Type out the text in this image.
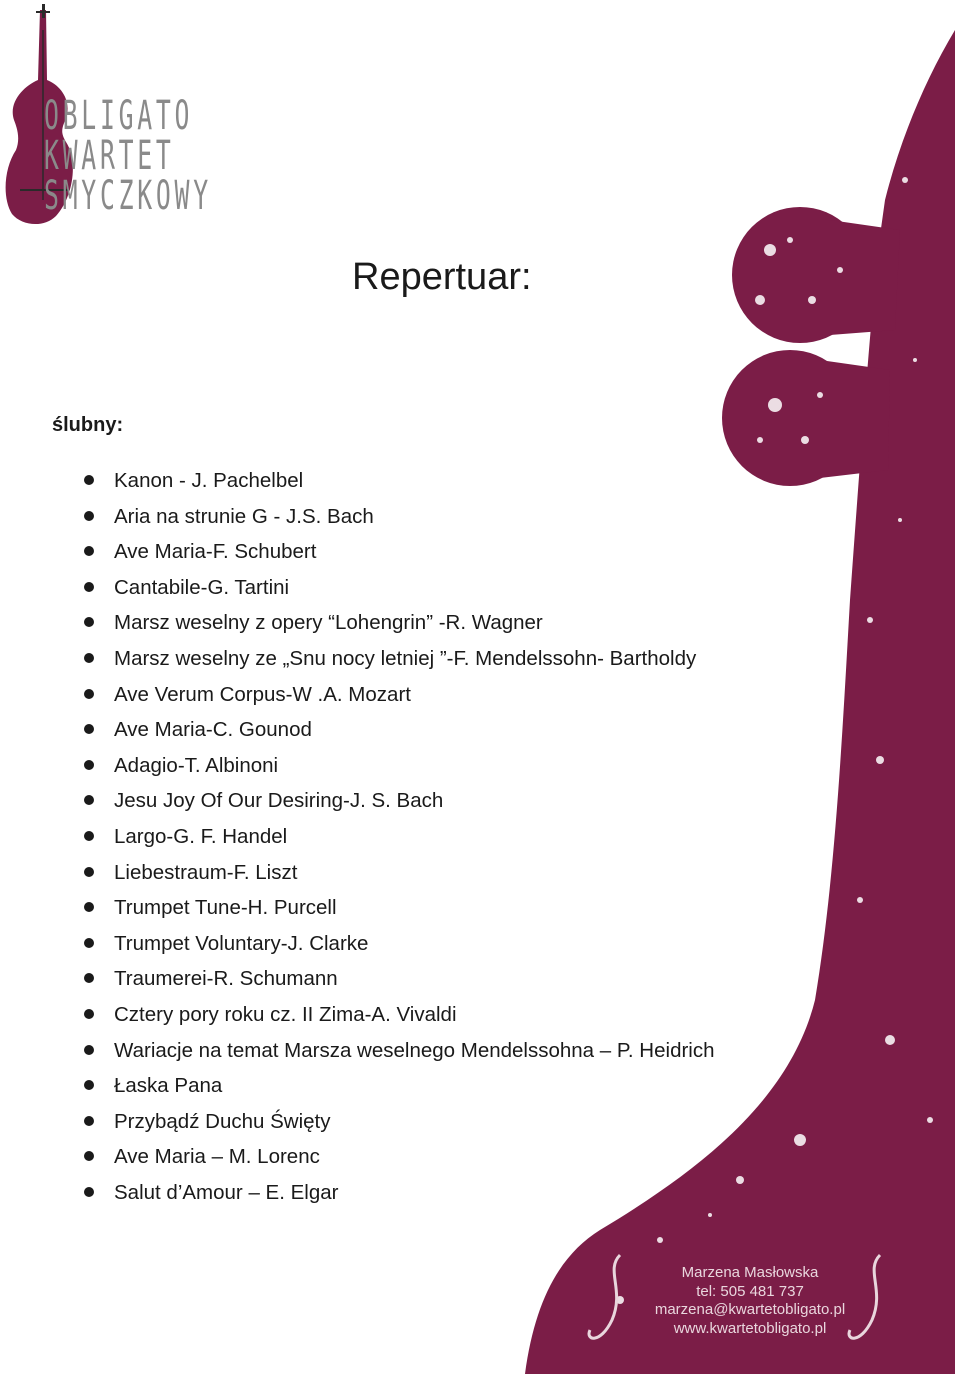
OBLIGATO
KWARTET
SMYCZKOWY
Repertuar:
ślubny:
Kanon - J. Pachelbel
Aria na strunie G - J.S. Bach
Ave Maria-F. Schubert
Cantabile-G. Tartini
Marsz weselny z opery “Lohengrin” -R. Wagner
Marsz weselny ze „Snu nocy letniej ”-F. Mendelssohn- Bartholdy
Ave Verum Corpus-W .A. Mozart
Ave Maria-C. Gounod
Adagio-T. Albinoni
Jesu Joy Of Our Desiring-J. S. Bach
Largo-G. F. Handel
Liebestraum-F. Liszt
Trumpet Tune-H. Purcell
Trumpet Voluntary-J. Clarke
Traumerei-R. Schumann
Cztery pory roku cz. II Zima-A. Vivaldi
Wariacje na temat Marsza weselnego Mendelssohna – P. Heidrich
Łaska Pana
Przybądź Duchu Święty
Ave Maria – M. Lorenc
Salut d’Amour – E. Elgar
Marzena Masłowska
tel: 505 481 737
marzena@kwartetobligato.pl
www.kwartetobligato.pl
